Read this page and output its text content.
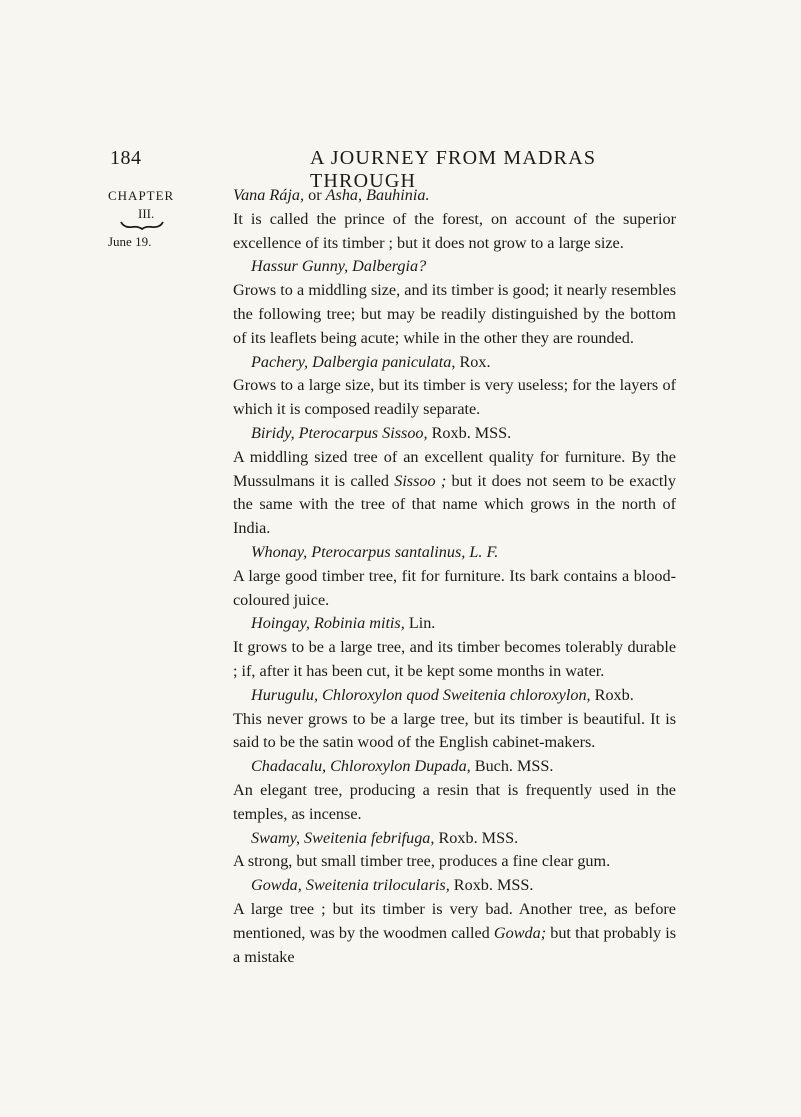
184	A JOURNEY FROM MADRAS THROUGH
CHAPTER
III.
June 19.

Vana Rája, or Asha, Bauhinia.

It is called the prince of the forest, on account of the superior excellence of its timber ; but it does not grow to a large size.

Hassur Gunny, Dalbergia?

Grows to a middling size, and its timber is good; it nearly resembles the following tree; but may be readily distinguished by the bottom of its leaflets being acute; while in the other they are rounded.

Pachery, Dalbergia paniculata, Rox.

Grows to a large size, but its timber is very useless; for the layers of which it is composed readily separate.

Biridy, Pterocarpus Sissoo, Roxb. MSS.

A middling sized tree of an excellent quality for furniture. By the Mussulmans it is called Sissoo ; but it does not seem to be exactly the same with the tree of that name which grows in the north of India.

Whonay, Pterocarpus santalinus, L. F.

A large good timber tree, fit for furniture. Its bark contains a blood-coloured juice.

Hoingay, Robinia mitis, Lin.

It grows to be a large tree, and its timber becomes tolerably durable ; if, after it has been cut, it be kept some months in water.

Hurugulu, Chloroxylon quod Sweitenia chloroxylon, Roxb.

This never grows to be a large tree, but its timber is beautiful. It is said to be the satin wood of the English cabinet-makers.

Chadacalu, Chloroxylon Dupada, Buch. MSS.

An elegant tree, producing a resin that is frequently used in the temples, as incense.

Swamy, Sweitenia febrifuga, Roxb. MSS.

A strong, but small timber tree, produces a fine clear gum.

Gowda, Sweitenia trilocularis, Roxb. MSS.

A large tree ; but its timber is very bad. Another tree, as before mentioned, was by the woodmen called Gowda; but that probably is a mistake
